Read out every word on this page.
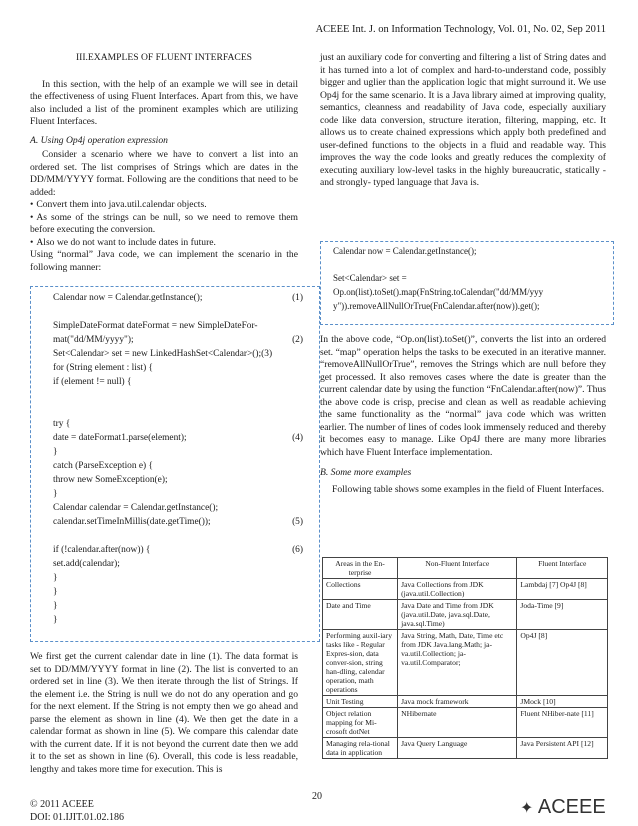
ACEEE Int. J. on Information Technology, Vol. 01, No. 02, Sep 2011

III.EXAMPLES OF FLUENT INTERFACES

In this section, with the help of an example we will see in detail the effectiveness of using Fluent Interfaces. Apart from this, we have also included a list of the prominent examples which are utilizing Fluent Interfaces.

A. Using Op4j operation expression

Consider a scenario where we have to convert a list into an ordered set. The list comprises of Strings which are dates in the DD/MM/YYYY format. Following are the conditions that need to be added:

• Convert them into java.util.calendar objects.

• As some of the strings can be null, so we need to remove them before executing the conversion.

• Also we do not want to include dates in future.

Using “normal” Java code, we can implement the scenario in the following manner:

Calendar now = Calendar.getInstance();	(1)
SimpleDateFormat dateFormat = new SimpleDateFor-
mat("dd/MM/yyyy");	(2)
Set<Calendar> set = new LinkedHashSet<Calendar>();(3)
for (String element : list) {
if (element != null) {
try {
date = dateFormat1.parse(element);	(4)
}
catch (ParseException e) {
throw new SomeException(e);
}
Calendar calendar = Calendar.getInstance();
calendar.setTimeInMillis(date.getTime());	(5)
if (!calendar.after(now)) {	(6)
set.add(calendar);
}
}
}
}

We first get the current calendar date in line (1). The data format is set to DD/MM/YYYY format in line (2). The list is converted to an ordered set in line (3). We then iterate through the list of Strings. If the element i.e. the String is null we do not do any operation and go for the next element. If the String is not empty then we go ahead and parse the element as shown in line (4). We then get the date in a calendar format as shown in line (5). We compare this calendar date with the current date. If it is not beyond the current date then we add it to the set as shown in line (6). Overall, this code is less readable, lengthy and takes more time for execution. This is

just an auxiliary code for converting and filtering a list of String dates and it has turned into a lot of complex and hard-to-understand code, possibly bigger and uglier than the application logic that might surround it. We use Op4j for the same scenario. It is a Java library aimed at improving quality, semantics, cleanness and readability of Java code, especially auxiliary code like data conversion, structure iteration, filtering, mapping, etc. It allows us to create chained expressions which apply both predefined and user-defined functions to the objects in a fluid and readable way. This improves the way the code looks and greatly reduces the complexity of executing auxiliary low-level tasks in the highly bureaucratic, statically -and strongly- typed language that Java is.

Calendar now = Calendar.getInstance();
Set<Calendar> set =
Op.on(list).toSet().map(FnString.toCalendar("dd/MM/yyy
y")).removeAllNullOrTrue(FnCalendar.after(now)).get();

In the above code, “Op.on(list).toSet()”, converts the list into an ordered set. “map” operation helps the tasks to be executed in an iterative manner. “removeAllNullOrTrue”, removes the Strings which are null before they get processed. It also removes cases where the date is greater than the current calendar date by using the function “FnCalendar.after(now)”. Thus the above code is crisp, precise and clean as well as readable achieving the same functionality as the “normal” java code which was written earlier. The number of lines of codes look immensely reduced and thereby it becomes easy to manage. Like Op4J there are many more libraries which have Fluent Interface implementation.

B. Some more examples

Following table shows some examples in the field of Fluent Interfaces.

Areas in the En-terprise	Non-Fluent Interface	Fluent Interface
Collections	Java Collections from JDK (java.util.Collection)	Lambdaj [7] Op4J [8]
Date and Time	Java Date and Time from JDK (java.util.Date, java.sql.Date, java.sql.Time)	Joda-Time [9]
Performing auxil-iary tasks like - Regular Expres-sion, data conver-sion, string han-dling, calendar operation, math operations	Java String, Math, Date, Time etc from JDK Java.lang.Math; ja-va.util.Collection; ja-va.util.Comparator;	Op4J [8]
Unit Testing	Java mock framework	JMock [10]
Object relation mapping for Mi-crosoft dotNet	NHibernate	Fluent NHiber-nate [11]
Managing rela-tional data in application	Java Query Language	Java Persistent API [12]
20
© 2011 ACEEE
DOI: 01.IJIT.01.02.186
✦ ACEEE
